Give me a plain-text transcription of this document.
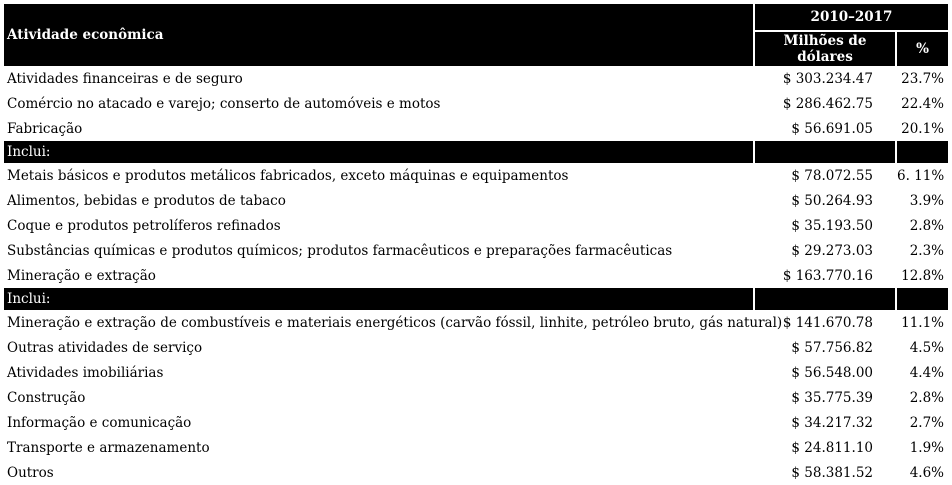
Atividade econômica	2010–2017	
	Milhões de dólares	%
Atividades financeiras e de seguro	$ 303.234.47	23.7%
Comércio no atacado e varejo; conserto de automóveis e motos	$ 286.462.75	22.4%
Fabricação	$ 56.691.05	20.1%
Inclui:		
Metais básicos e produtos metálicos fabricados, exceto máquinas e equipamentos	$ 78.072.55	6. 11%
Alimentos, bebidas e produtos de tabaco	$ 50.264.93	3.9%
Coque e produtos petrolíferos refinados	$ 35.193.50	2.8%
Substâncias químicas e produtos químicos; produtos farmacêuticos e preparações farmacêuticas	$ 29.273.03	2.3%
Mineração e extração	$ 163.770.16	12.8%
Inclui:		
Mineração e extração de combustíveis e materiais energéticos (carvão fóssil, linhite, petróleo bruto, gás natural)	$ 141.670.78	11.1%
Outras atividades de serviço	$ 57.756.82	4.5%
Atividades imobiliárias	$ 56.548.00	4.4%
Construção	$ 35.775.39	2.8%
Informação e comunicação	$ 34.217.32	2.7%
Transporte e armazenamento	$ 24.811.10	1.9%
Outros	$ 58.381.52	4.6%
